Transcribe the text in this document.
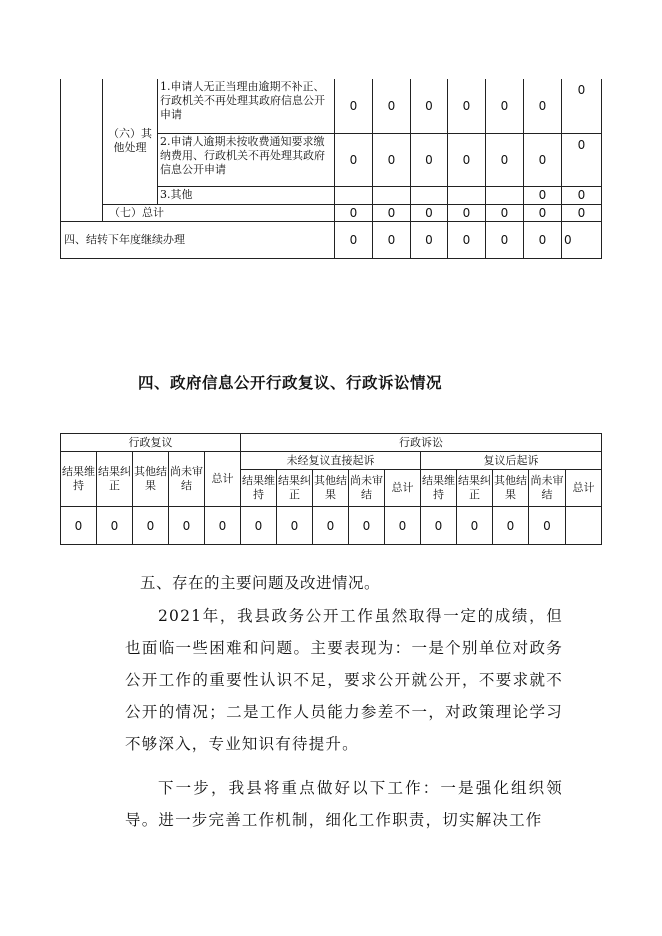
	（六）其他处理	1.申请人无正当理由逾期不补正、行政机关不再处理其政府信息公开申请	0	0	0	0	0	0	0
		2.申请人逾期未按收费通知要求缴纳费用、行政机关不再处理其政府信息公开申请	0	0	0	0	0	0	0
		3.其他						0	0
	（七）总计		0	0	0	0	0	0	0
四、结转下年度继续办理			0	0	0	0	0	0	0
四、政府信息公开行政复议、行政诉讼情况
行政复议					行政诉讼									
结果维持	结果纠正	其他结果	尚未审结	总计	未经复议直接起诉					复议后起诉				
					结果维持	结果纠正	其他结果	尚未审结	总计	结果维持	结果纠正	其他结果	尚未审结	总计
0	0	0	0	0	0	0	0	0	0	0	0	0	0	
五、存在的主要问题及改进情况。

2021年，我县政务公开工作虽然取得一定的成绩，但也面临一些困难和问题。主要表现为：一是个别单位对政务公开工作的重要性认识不足，要求公开就公开，不要求就不公开的情况；二是工作人员能力参差不一，对政策理论学习不够深入，专业知识有待提升。

下一步，我县将重点做好以下工作：一是强化组织领导。进一步完善工作机制，细化工作职责，切实解决工作
